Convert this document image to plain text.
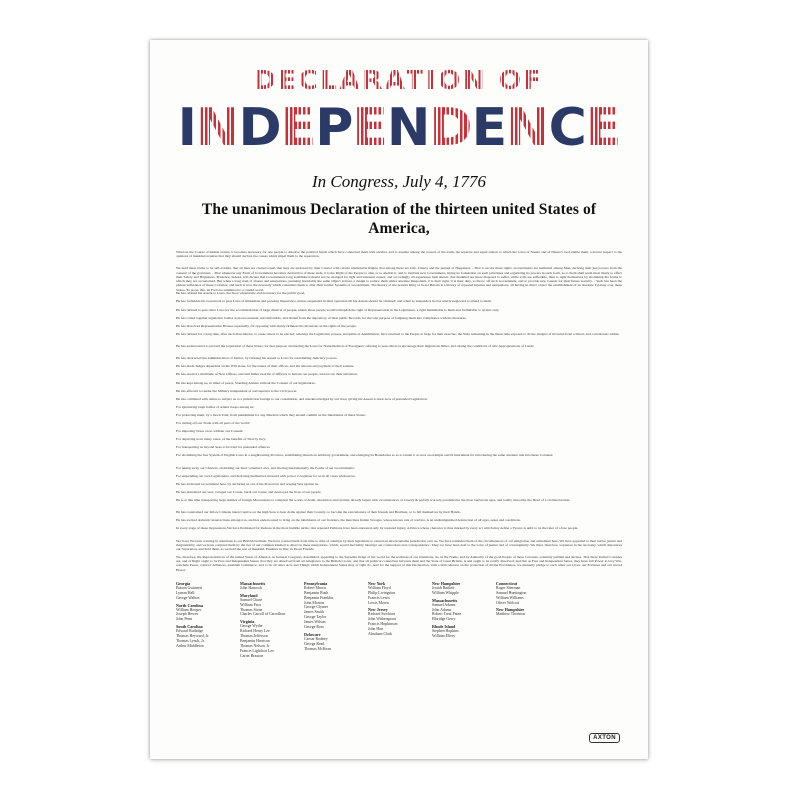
DECLARATION OF
INDEPENDENCE
In Congress, July 4, 1776
The unanimous Declaration of the thirteen united States of America,

When in the Course of human events, it becomes necessary for one people to dissolve the political bands which have connected them with another, and to assume among the powers of the earth, the separate and equal station to which the Laws of Nature and of Nature's God entitle them, a decent respect to the opinions of mankind requires that they should declare the causes which impel them to the separation.

We hold these truths to be self-evident, that all men are created equal, that they are endowed by their Creator with certain unalienable Rights, that among these are Life, Liberty and the pursuit of Happiness. - That to secure these rights, Governments are instituted among Men, deriving their just powers from the consent of the governed, - That whenever any Form of Government becomes destructive of these ends, it is the Right of the People to alter or to abolish it, and to institute new Government, laying its foundation on such principles and organizing its powers in such form, as to them shall seem most likely to effect their Safety and Happiness. Prudence, indeed, will dictate that Governments long established should not be changed for light and transient causes; and accordingly all experience hath shewn, that mankind are more disposed to suffer, while evils are sufferable, than to right themselves by abolishing the forms to which they are accustomed. But when a long train of abuses and usurpations, pursuing invariably the same Object evinces a design to reduce them under absolute Despotism, it is their right, it is their duty, to throw off such Government, and to provide new Guards for their future security. - Such has been the patient sufferance of these Colonies; and such is now the necessity which constrains them to alter their former Systems of Government. The history of the present King of Great Britain is a history of repeated injuries and usurpations, all having in direct object the establishment of an absolute Tyranny over these States. To prove this, let Facts be submitted to a candid world.

He has refused his Assent to Laws, the most wholesome and necessary for the public good.

He has forbidden his Governors to pass Laws of immediate and pressing importance, unless suspended in their operation till his Assent should be obtained; and when so suspended, he has utterly neglected to attend to them.

He has refused to pass other Laws for the accommodation of large districts of people, unless those people would relinquish the right of Representation in the Legislature, a right inestimable to them and formidable to tyrants only.

He has called together legislative bodies at places unusual, uncomfortable, and distant from the depository of their public Records, for the sole purpose of fatiguing them into compliance with his measures.

He has dissolved Representative Houses repeatedly, for opposing with manly firmness his invasions on the rights of the people.

He has refused for a long time, after such dissolutions, to cause others to be elected; whereby the Legislative powers, incapable of Annihilation, have returned to the People at large for their exercise; the State remaining in the mean time exposed to all the dangers of invasion from without, and convulsions within.

He has endeavoured to prevent the population of these States; for that purpose obstructing the Laws for Naturalization of Foreigners; refusing to pass others to encourage their migrations hither, and raising the conditions of new Appropriations of Lands.

He has obstructed the Administration of Justice, by refusing his Assent to Laws for establishing Judiciary powers.

He has made Judges dependent on his Will alone, for the tenure of their offices, and the amount and payment of their salaries.

He has erected a multitude of New Offices, and sent hither swarms of Officers to harrass our people, and eat out their substance.

He has kept among us, in times of peace, Standing Armies without the Consent of our legislatures.

He has affected to render the Military independent of and superior to the Civil power.

He has combined with others to subject us to a jurisdiction foreign to our constitution, and unacknowledged by our laws; giving his Assent to their Acts of pretended Legislation:

For Quartering large bodies of armed troops among us:

For protecting them, by a mock Trial, from punishment for any Murders which they should commit on the Inhabitants of these States:

For cutting off our Trade with all parts of the world:

For imposing Taxes on us without our Consent:

For depriving us in many cases, of the benefits of Trial by Jury:

For transporting us beyond Seas to be tried for pretended offences

For abolishing the free System of English Laws in a neighbouring Province, establishing therein an Arbitrary government, and enlarging its Boundaries so as to render it at once an example and fit instrument for introducing the same absolute rule into these Colonies:

For taking away our Charters, abolishing our most valuable Laws, and altering fundamentally the Forms of our Governments:

For suspending our own Legislatures, and declaring themselves invested with power to legislate for us in all cases whatsoever.

He has abdicated Government here, by declaring us out of his Protection and waging War against us.

He has plundered our seas, ravaged our Coasts, burnt our towns, and destroyed the lives of our people.

He is at this time transporting large Armies of foreign Mercenaries to compleat the works of death, desolation and tyranny, already begun with circumstances of Cruelty & perfidy scarcely paralleled in the most barbarous ages, and totally unworthy the Head of a civilized nation.

He has constrained our fellow Citizens taken Captive on the high Seas to bear Arms against their Country, to become the executioners of their friends and Brethren, or to fall themselves by their Hands.

He has excited domestic insurrections amongst us, and has endeavoured to bring on the inhabitants of our frontiers, the merciless Indian Savages, whose known rule of warfare, is an undistinguished destruction of all ages, sexes and conditions.

In every stage of these Oppressions We have Petitioned for Redress in the most humble terms: Our repeated Petitions have been answered only by repeated injury. A Prince whose character is thus marked by every act which may define a Tyrant, is unfit to be the ruler of a free people.

Nor have We been wanting in attentions to our Brittish brethren. We have warned them from time to time of attempts by their legislature to extend an unwarrantable jurisdiction over us. We have reminded them of the circumstances of our emigration and settlement here. We have appealed to their native justice and magnanimity, and we have conjured them by the ties of our common kindred to disavow these usurpations, which, would inevitably interrupt our connections and correspondence. They too have been deaf to the voice of justice and of consanguinity. We must, therefore, acquiesce in the necessity, which denounces our Separation, and hold them, as we hold the rest of mankind, Enemies in War, in Peace Friends.

We, therefore, the Representatives of the united States of America, in General Congress, Assembled, appealing to the Supreme Judge of the world for the rectitude of our intentions, do, in the Name, and by Authority of the good People of these Colonies, solemnly publish and declare, That these United Colonies are, and of Right ought to be Free and Independent States; that they are Absolved from all Allegiance to the British Crown, and that all political connection between them and the State of Great Britain, is and ought to be totally dissolved; and that as Free and Independent States, they have full Power to levy War, conclude Peace, contract Alliances, establish Commerce, and to do all other Acts and Things which Independent States may of right do. And for the support of this Declaration, with a firm reliance on the protection of divine Providence, we mutually pledge to each other our Lives, our Fortunes and our sacred Honor.

Georgia
Button Gwinnett
Lyman Hall
George Walton
North Carolina
William Hooper
Joseph Hewes
John Penn
South Carolina
Edward Rutledge
Thomas Heyward, Jr.
Thomas Lynch, Jr.
Arthur Middleton
Massachusetts
John Hancock
Maryland
Samuel Chase
William Paca
Thomas Stone
Charles Carroll of Carrollton
Virginia
George Wythe
Richard Henry Lee
Thomas Jefferson
Benjamin Harrison
Thomas Nelson, Jr.
Francis Lightfoot Lee
Carter Braxton
Pennsylvania
Robert Morris
Benjamin Rush
Benjamin Franklin
John Morton
George Clymer
James Smith
George Taylor
James Wilson
George Ross
Delaware
Caesar Rodney
George Read
Thomas McKean
New York
William Floyd
Philip Livingston
Francis Lewis
Lewis Morris
New Jersey
Richard Stockton
John Witherspoon
Francis Hopkinson
John Hart
Abraham Clark
New Hampshire
Josiah Bartlett
William Whipple
Massachusetts
Samuel Adams
John Adams
Robert Treat Paine
Elbridge Gerry
Rhode Island
Stephen Hopkins
William Ellery
Connecticut
Roger Sherman
Samuel Huntington
William Williams
Oliver Wolcott
New Hampshire
Matthew Thornton
AXTON
